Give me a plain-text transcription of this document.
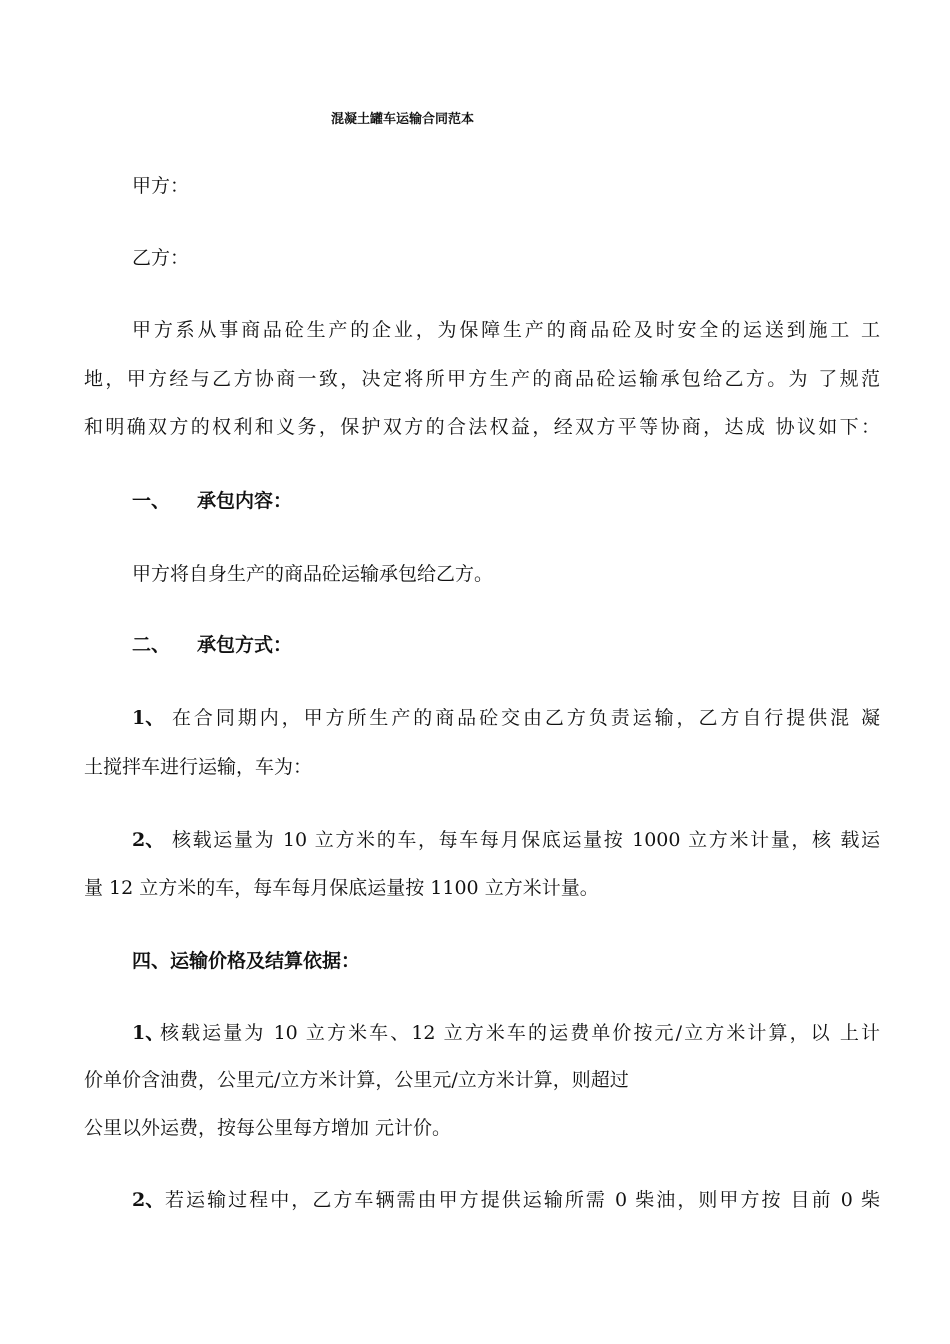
混凝土罐车运输合同范本
甲方：
乙方：
甲方系从事商品砼生产的企业，为保障生产的商品砼及时安全的运送到施工 工
地，甲方经与乙方协商一致，决定将所甲方生产的商品砼运输承包给乙方。为 了规范
和明确双方的权利和义务，保护双方的合法权益，经双方平等协商，达成 协议如下：
一、 承包内容：
甲方将自身生产的商品砼运输承包给乙方。
二、 承包方式：
1、 在合同期内，甲方所生产的商品砼交由乙方负责运输，乙方自行提供混 凝
土搅拌车进行运输，车为：
2、 核载运量为 10 立方米的车，每车每月保底运量按 1000 立方米计量，核 载运
量 12 立方米的车，每车每月保底运量按 1100 立方米计量。
四、运输价格及结算依据：
1、
核载运量为 10 立方米车、12 立方米车的运费单价按元/立方米计算，以 上计
价单价含油费，公里元/立方米计算，公里元/立方米计算，则超过
公里以外运费，按每公里每方增加 元计价。
2、 若运输过程中，乙方车辆需由甲方提供运输所需 0 柴油，则甲方按 目前 0 柴
